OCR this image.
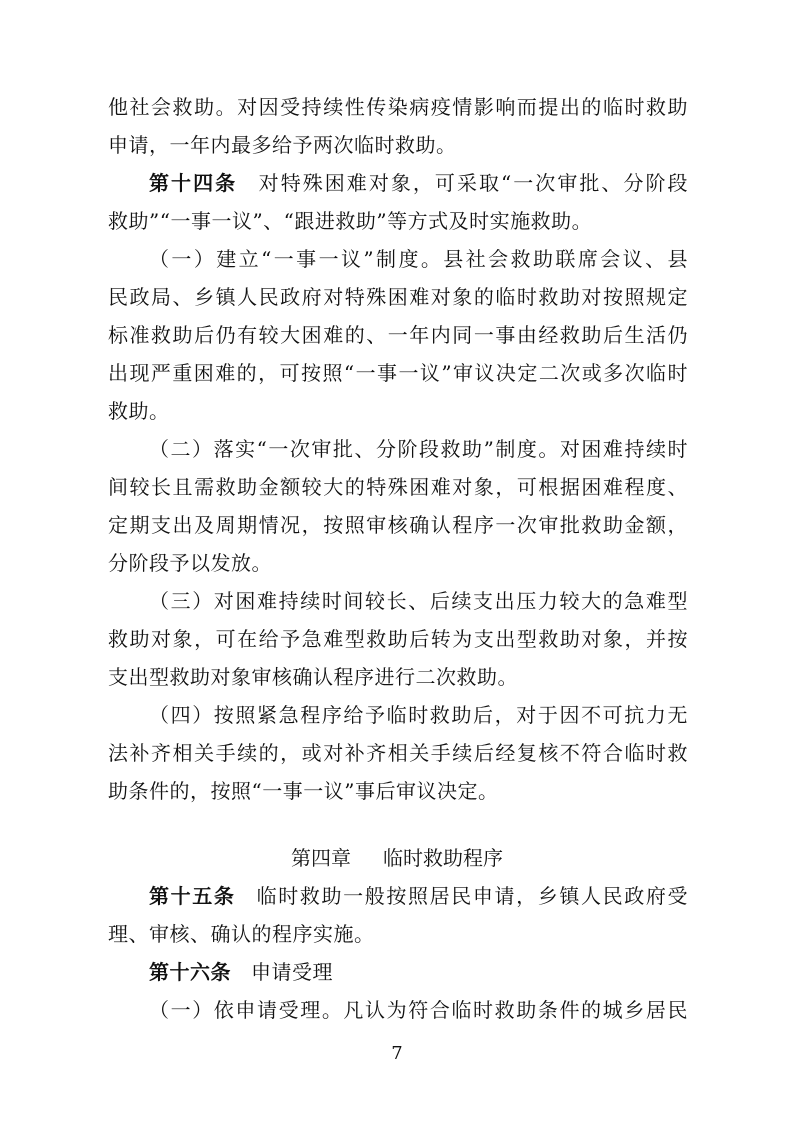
他社会救助。对因受持续性传染病疫情影响而提出的临时救助
申请，一年内最多给予两次临时救助。
第十四条 对特殊困难对象，可采取“一次审批、分阶段
救助”“一事一议”、“跟进救助”等方式及时实施救助。
（一）建立“一事一议”制度。县社会救助联席会议、县
民政局、乡镇人民政府对特殊困难对象的临时救助对按照规定
标准救助后仍有较大困难的、一年内同一事由经救助后生活仍
出现严重困难的，可按照“一事一议”审议决定二次或多次临时
救助。
（二）落实“一次审批、分阶段救助”制度。对困难持续时
间较长且需救助金额较大的特殊困难对象，可根据困难程度、
定期支出及周期情况，按照审核确认程序一次审批救助金额，
分阶段予以发放。
（三）对困难持续时间较长、后续支出压力较大的急难型
救助对象，可在给予急难型救助后转为支出型救助对象，并按
支出型救助对象审核确认程序进行二次救助。
（四）按照紧急程序给予临时救助后，对于因不可抗力无
法补齐相关手续的，或对补齐相关手续后经复核不符合临时救
助条件的，按照“一事一议”事后审议决定。
第四章 临时救助程序
第十五条 临时救助一般按照居民申请，乡镇人民政府受
理、审核、确认的程序实施。
第十六条 申请受理
（一）依申请受理。凡认为符合临时救助条件的城乡居民
7
